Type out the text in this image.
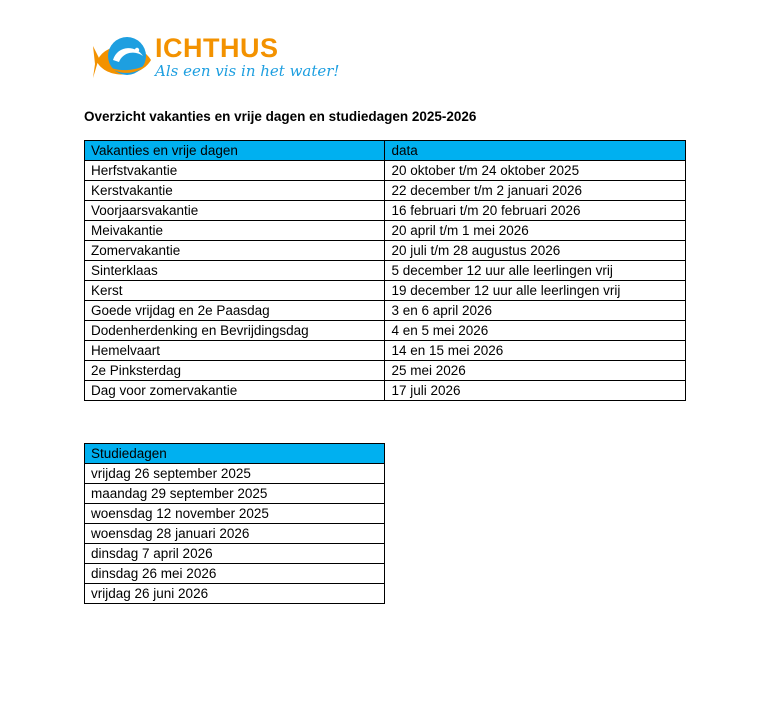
ICHTHUS
Als een vis in het water!
Overzicht vakanties en vrije dagen en studiedagen 2025-2026
Vakanties en vrije dagen	data
Herfstvakantie	20 oktober t/m 24 oktober 2025
Kerstvakantie	22 december t/m 2 januari 2026
Voorjaarsvakantie	16 februari t/m 20 februari 2026
Meivakantie	20 april t/m 1 mei 2026
Zomervakantie	20 juli t/m 28 augustus 2026
Sinterklaas	5 december 12 uur alle leerlingen vrij
Kerst	19 december 12 uur alle leerlingen vrij
Goede vrijdag en 2e Paasdag	3 en 6 april 2026
Dodenherdenking en Bevrijdingsdag	4 en 5 mei 2026
Hemelvaart	14 en 15 mei 2026
2e Pinksterdag	25 mei 2026
Dag voor zomervakantie	17 juli 2026
Studiedagen
vrijdag 26 september 2025
maandag 29 september 2025
woensdag 12 november 2025
woensdag 28 januari 2026
dinsdag 7 april 2026
dinsdag 26 mei 2026
vrijdag 26 juni 2026
